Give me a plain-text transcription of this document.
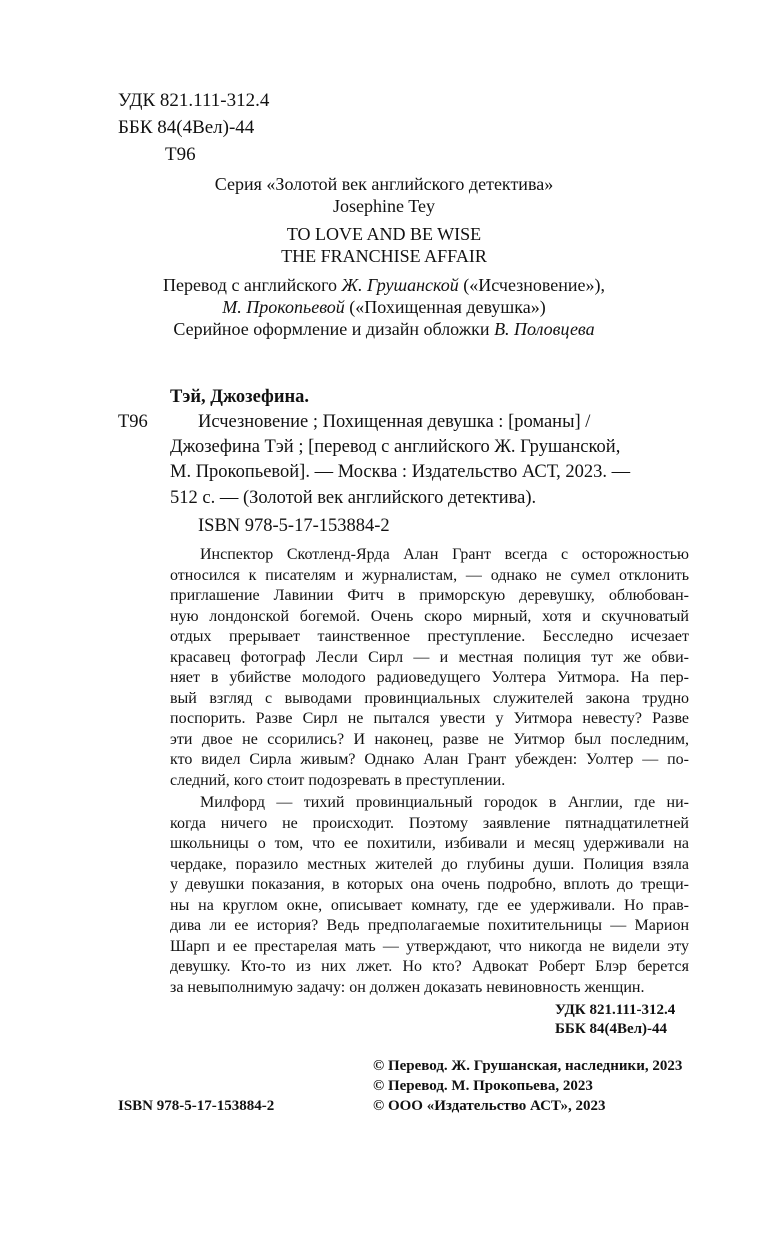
УДК 821.111-312.4
ББК 84(4Вел)-44
Т96
Серия «Золотой век английского детектива»
Josephine Tey
TO LOVE AND BE WISE
THE FRANCHISE AFFAIR
Перевод с английского Ж. Грушанской («Исчезновение»),
М. Прокопьевой («Похищенная девушка»)
Серийное оформление и дизайн обложки В. Половцева
Тэй, Джозефина.
Т96	Исчезновение ; Похищенная девушка : [романы] /
Джозефина Тэй ; [перевод с английского Ж. Грушанской,
М. Прокопьевой]. — Москва : Издательство АСТ, 2023. —
512 с. — (Золотой век английского детектива).
ISBN 978-5-17-153884-2
Инспектор Скотленд-Ярда Алан Грант всегда с осторожностью
относился к писателям и журналистам, — однако не сумел отклонить
приглашение Лавинии Фитч в приморскую деревушку, облюбован-
ную лондонской богемой. Очень скоро мирный, хотя и скучноватый
отдых прерывает таинственное преступление. Бесследно исчезает
красавец фотограф Лесли Сирл — и местная полиция тут же обви-
няет в убийстве молодого радиоведущего Уолтера Уитмора. На пер-
вый взгляд с выводами провинциальных служителей закона трудно
поспорить. Разве Сирл не пытался увести у Уитмора невесту? Разве
эти двое не ссорились? И наконец, разве не Уитмор был последним,
кто видел Сирла живым? Однако Алан Грант убежден: Уолтер — по-
следний, кого стоит подозревать в преступлении.
Милфорд — тихий провинциальный городок в Англии, где ни-
когда ничего не происходит. Поэтому заявление пятнадцатилетней
школьницы о том, что ее похитили, избивали и месяц удерживали на
чердаке, поразило местных жителей до глубины души. Полиция взяла
у девушки показания, в которых она очень подробно, вплоть до трещи-
ны на круглом окне, описывает комнату, где ее удерживали. Но прав-
дива ли ее история? Ведь предполагаемые похитительницы — Марион
Шарп и ее престарелая мать — утверждают, что никогда не видели эту
девушку. Кто-то из них лжет. Но кто? Адвокат Роберт Блэр берется
за невыполнимую задачу: он должен доказать невиновность женщин.
УДК 821.111-312.4
ББК 84(4Вел)-44
© Перевод. Ж. Грушанская, наследники, 2023
© Перевод. М. Прокопьева, 2023
ISBN 978-5-17-153884-2	© ООО «Издательство АСТ», 2023
